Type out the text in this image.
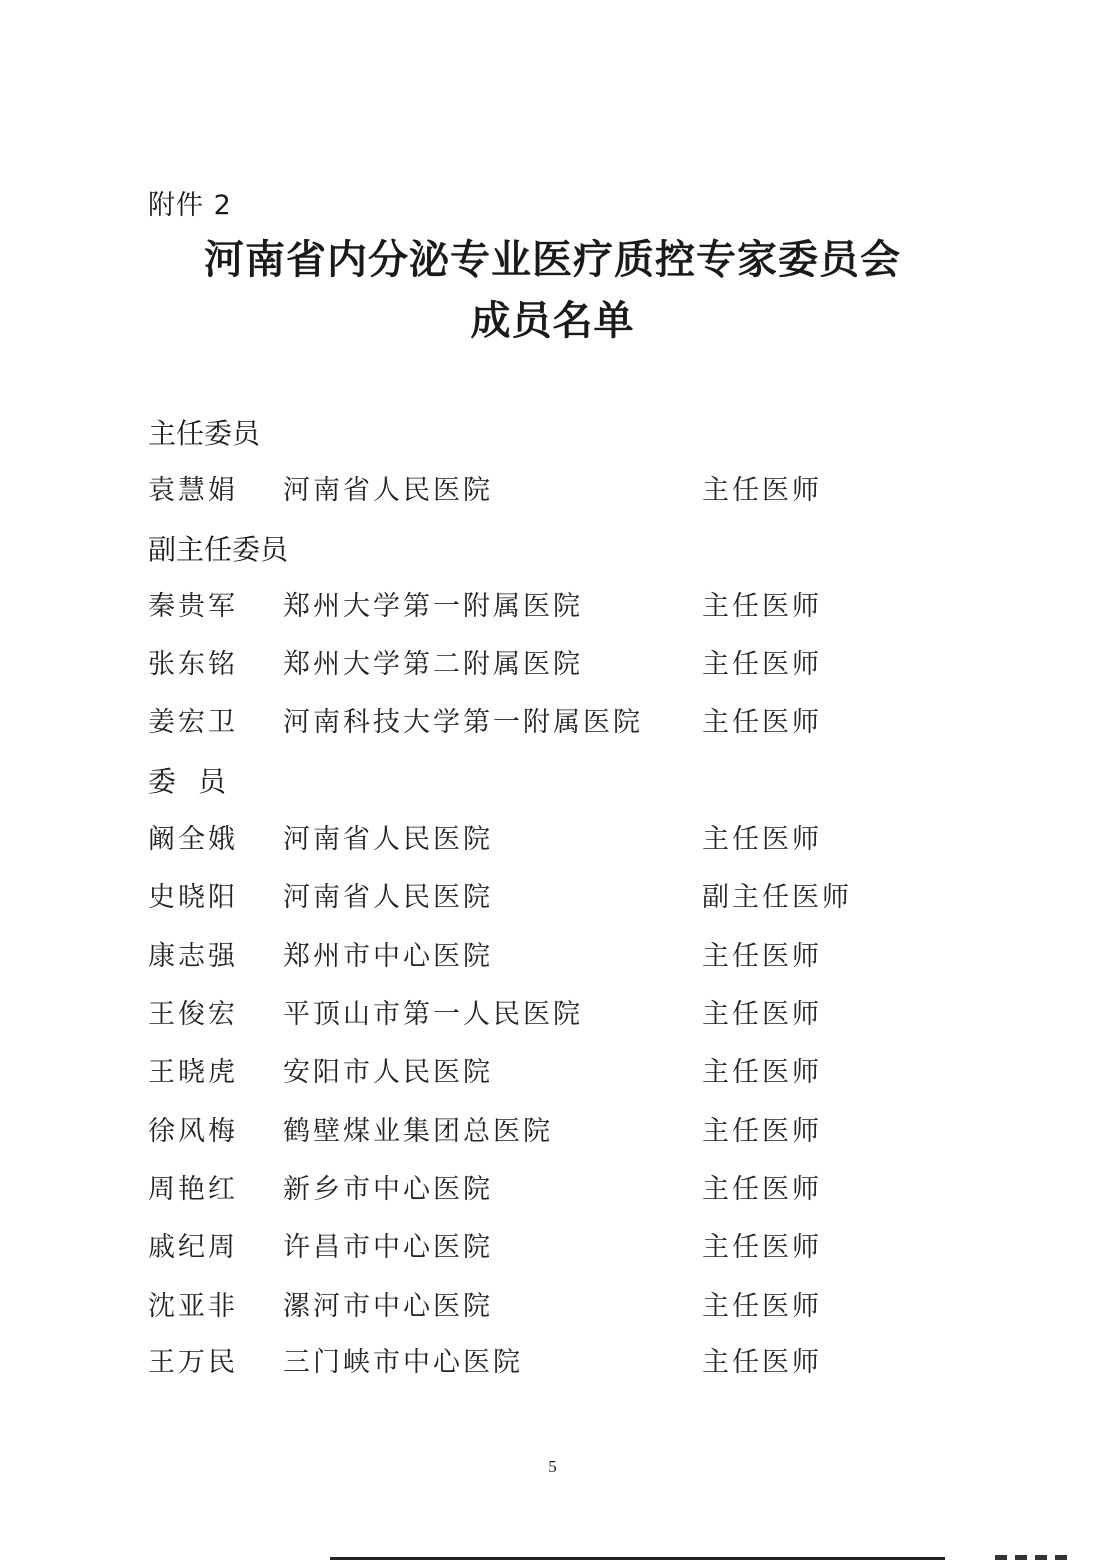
附件 2
河南省内分泌专业医疗质控专家委员会
成员名单
主任委员
袁慧娟 河南省人民医院	主任医师
副主任委员
秦贵军 郑州大学第一附属医院	主任医师
张东铭 郑州大学第二附属医院	主任医师
姜宏卫 河南科技大学第一附属医院 主任医师
委员
阚全娥 河南省人民医院	主任医师
史晓阳 河南省人民医院	副主任医师
康志强 郑州市中心医院	主任医师
王俊宏 平顶山市第一人民医院	主任医师
王晓虎 安阳市人民医院	主任医师
徐风梅 鹤壁煤业集团总医院	主任医师
周艳红 新乡市中心医院	主任医师
戚纪周 许昌市中心医院	主任医师
沈亚非 漯河市中心医院	主任医师
王万民 三门峡市中心医院	主任医师
5
